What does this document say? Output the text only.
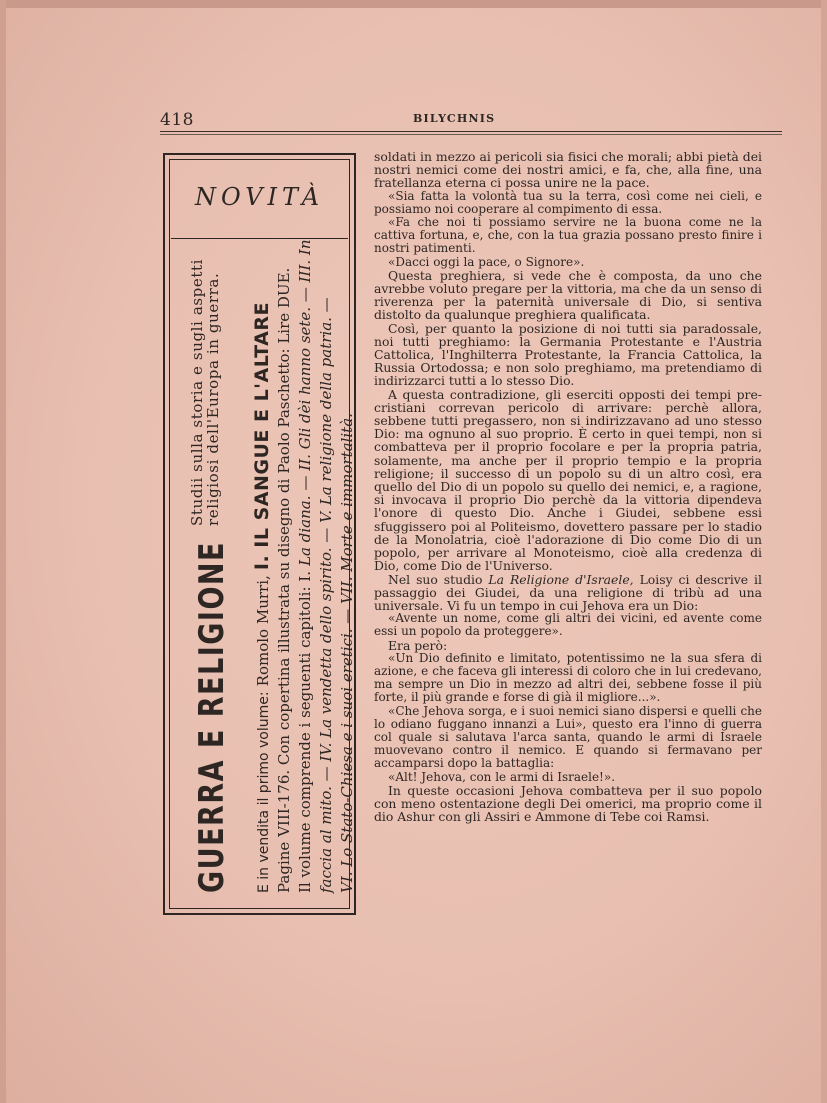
418	BILYCHNIS
NOVITÀ
GUERRA E RELIGIONE Studii sulla storia e sugli aspetti
religiosi dell'Europa in guerra.
E in vendita il primo volume: Romolo Murri, I. IL SANGUE E L'ALTARE
Pagine VIII-176. Con copertina illustrata su disegno di Paolo Paschetto: Lire DUE.
Il volume comprende i seguenti capitoli: I. La diana. — II. Gli dèi hanno sete. — III. In faccia al mito. — IV. La vendetta dello spirito. — V. La religione della patria. — VI. Lo Stato-Chiesa e i suoi eretici. — VII. Morte e immortalità.

soldati in mezzo ai pericoli sia fisici che morali; abbi pietà dei nostri nemici come dei nostri amici, e fa, che, alla fine, una fratellanza eterna ci possa unire ne la pace.

«Sia fatta la volontà tua su la terra, così come nei cieli, e possiamo noi cooperare al compimento di essa.

«Fa che noi ti possiamo servire ne la buona come ne la cattiva fortuna, e, che, con la tua grazia possano presto finire i nostri patimenti.

«Dacci oggi la pace, o Signore».

Questa preghiera, si vede che è composta, da uno che avrebbe voluto pregare per la vittoria, ma che da un senso di riverenza per la paternità universale di Dio, si sentiva distolto da qualunque preghiera qualificata.

Così, per quanto la posizione di noi tutti sia paradossale, noi tutti preghiamo: la Germania Protestante e l'Austria Cattolica, l'Inghilterra Protestante, la Francia Cattolica, la Russia Ortodossa; e non solo preghiamo, ma pretendiamo di indirizzarci tutti a lo stesso Dio.

A questa contradizione, gli eserciti opposti dei tempi pre-cristiani correvan pericolo di arrivare: perchè allora, sebbene tutti pregassero, non si indirizzavano ad uno stesso Dio: ma ognuno al suo proprio. È certo in quei tempi, non si combatteva per il proprio focolare e per la propria patria, solamente, ma anche per il proprio tempio e la propria religione; il successo di un popolo su di un altro così, era quello del Dio di un popolo su quello dei nemici, e, a ragione, si invocava il proprio Dio perchè da la vittoria dipendeva l'onore di questo Dio. Anche i Giudei, sebbene essi sfuggissero poi al Politeismo, dovettero passare per lo stadio de la Monolatria, cioè l'adorazione di Dio come Dio di un popolo, per arrivare al Monoteismo, cioè alla credenza di Dio, come Dio de l'Universo.

Nel suo studio La Religione d'Israele, Loisy ci descrive il passaggio dei Giudei, da una religione di tribù ad una universale. Vi fu un tempo in cui Jehova era un Dio:

«Avente un nome, come gli altri dei vicini, ed avente come essi un popolo da proteggere».

Era però:

«Un Dio definito e limitato, potentissimo ne la sua sfera di azione, e che faceva gli interessi di coloro che in lui credevano, ma sempre un Dio in mezzo ad altri dei, sebbene fosse il più forte, il più grande e forse di già il migliore...».

«Che Jehova sorga, e i suoi nemici siano dispersi e quelli che lo odiano fuggano innanzi a Lui», questo era l'inno di guerra col quale si salutava l'arca santa, quando le armi di Israele muovevano contro il nemico. E quando si fermavano per accamparsi dopo la battaglia:

«Alt! Jehova, con le armi di Israele!».

In queste occasioni Jehova combatteva per il suo popolo con meno ostentazione degli Dei omerici, ma proprio come il dio Ashur con gli Assiri e Ammone di Tebe coi Ramsi.
